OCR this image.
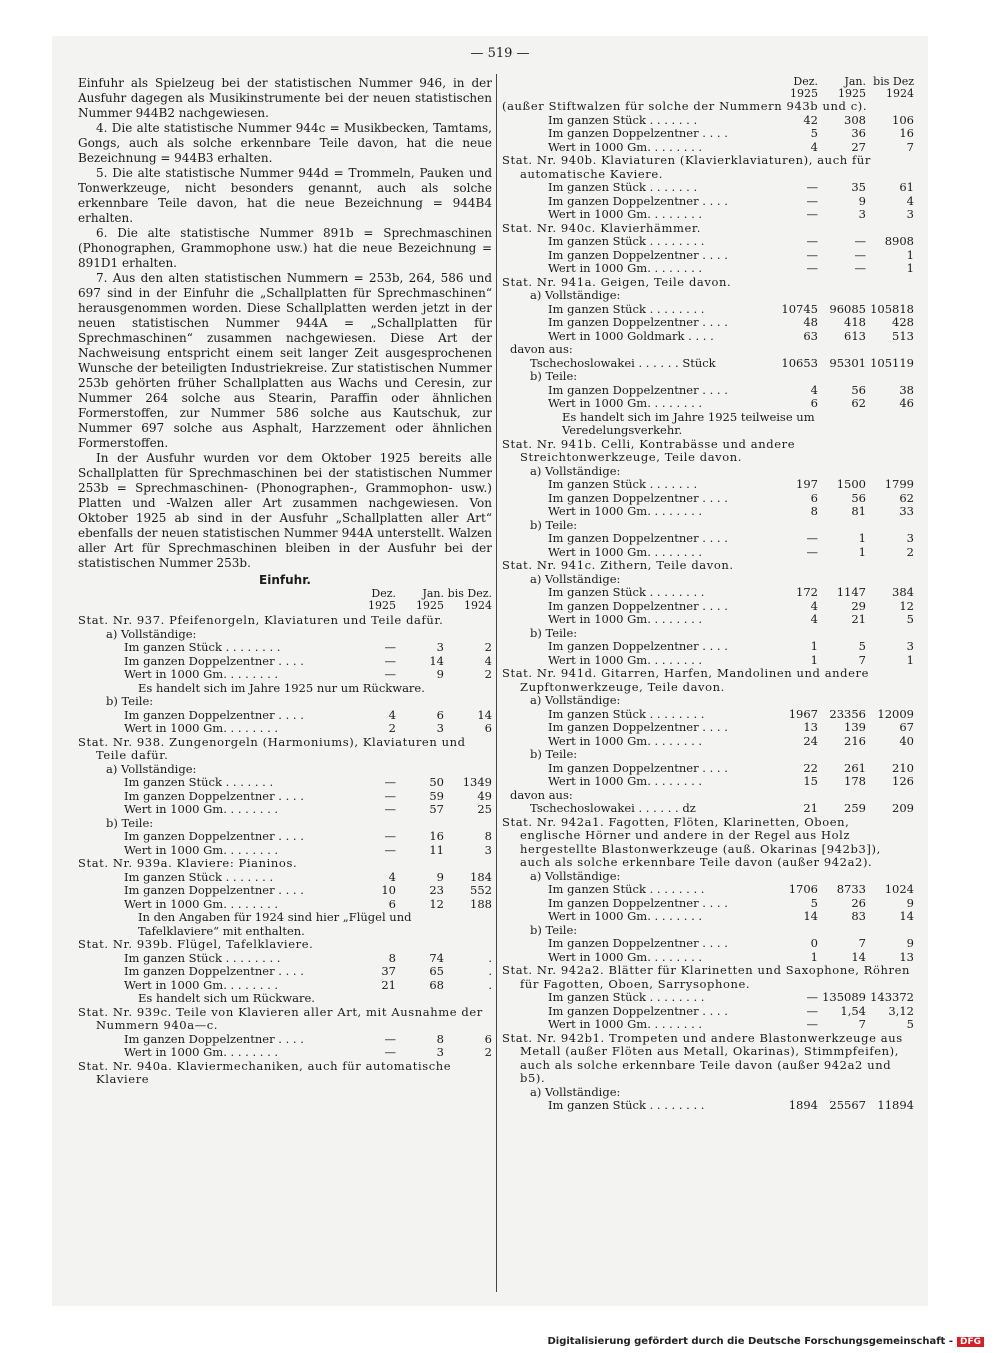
— 519 —

Einfuhr als Spielzeug bei der statistischen Nummer 946, in der Ausfuhr dagegen als Musikinstrumente bei der neuen statistischen Nummer 944B2 nachgewiesen.

4. Die alte statistische Nummer 944c = Musikbecken, Tamtams, Gongs, auch als solche erkennbare Teile davon, hat die neue Bezeichnung = 944B3 erhalten.

5. Die alte statistische Nummer 944d = Trommeln, Pauken und Tonwerkzeuge, nicht besonders genannt, auch als solche erkennbare Teile davon, hat die neue Bezeichnung = 944B4 erhalten.

6. Die alte statistische Nummer 891b = Sprechmaschinen (Phonographen, Grammophone usw.) hat die neue Bezeichnung = 891D1 erhalten.

7. Aus den alten statistischen Nummern = 253b, 264, 586 und 697 sind in der Einfuhr die „Schallplatten für Sprechmaschinen“ herausgenommen worden. Diese Schallplatten werden jetzt in der neuen statistischen Nummer 944A = „Schallplatten für Sprechmaschinen“ zusammen nachgewiesen. Diese Art der Nachweisung entspricht einem seit langer Zeit ausgesprochenen Wunsche der beteiligten Industriekreise. Zur statistischen Nummer 253b gehörten früher Schallplatten aus Wachs und Ceresin, zur Nummer 264 solche aus Stearin, Paraffin oder ähnlichen Formerstoffen, zur Nummer 586 solche aus Kautschuk, zur Nummer 697 solche aus Asphalt, Harzzement oder ähnlichen Formerstoffen.

In der Ausfuhr wurden vor dem Oktober 1925 bereits alle Schallplatten für Sprechmaschinen bei der statistischen Nummer 253b = Sprechmaschinen- (Phonographen-, Grammophon- usw.) Platten und -Walzen aller Art zusammen nachgewiesen. Von Oktober 1925 ab sind in der Ausfuhr „Schallplatten aller Art“ ebenfalls der neuen statistischen Nummer 944A unterstellt. Walzen aller Art für Sprechmaschinen bleiben in der Ausfuhr bei der statistischen Nummer 253b.

Einfuhr.
Dez.	Jan. bis Dez.
1925	1925	1924
Stat. Nr. 937. Pfeifenorgeln, Klaviaturen und Teile dafür.
a) Vollständige:
Im ganzen Stück . . . . . . . .	—	3	2
Im ganzen Doppelzentner . . . .	—	14	4
Wert in 1000 Gm. . . . . . . .	—	9	2
Es handelt sich im Jahre 1925 nur um Rückware.
b) Teile:
Im ganzen Doppelzentner . . . .	4	6	14
Wert in 1000 Gm. . . . . . . .	2	3	6
Stat. Nr. 938. Zungenorgeln (Harmoniums), Klaviaturen und Teile dafür.
a) Vollständige:
Im ganzen Stück . . . . . . .	—	50	1349
Im ganzen Doppelzentner . . . .	—	59	49
Wert in 1000 Gm. . . . . . . .	—	57	25
b) Teile:
Im ganzen Doppelzentner . . . .	—	16	8
Wert in 1000 Gm. . . . . . . .	—	11	3
Stat. Nr. 939a. Klaviere: Pianinos.
Im ganzen Stück . . . . . . .	4	9	184
Im ganzen Doppelzentner . . . .	10	23	552
Wert in 1000 Gm. . . . . . . .	6	12	188
In den Angaben für 1924 sind hier „Flügel und Tafelklaviere“ mit enthalten.
Stat. Nr. 939b. Flügel, Tafelklaviere.
Im ganzen Stück . . . . . . . .	8	74	.
Im ganzen Doppelzentner . . . .	37	65	.
Wert in 1000 Gm. . . . . . . .	21	68	.
Es handelt sich um Rückware.
Stat. Nr. 939c. Teile von Klavieren aller Art, mit Ausnahme der Nummern 940a—c.
Im ganzen Doppelzentner . . . .	—	8	6
Wert in 1000 Gm. . . . . . . .	—	3	2
Stat. Nr. 940a. Klaviermechaniken, auch für automatische Klaviere
Dez.	Jan. bis Dez
1925	1925	1924
(außer Stiftwalzen für solche der Nummern 943b und c).
Im ganzen Stück . . . . . . .	42	308	106
Im ganzen Doppelzentner . . . .	5	36	16
Wert in 1000 Gm. . . . . . . .	4	27	7
Stat. Nr. 940b. Klaviaturen (Klavierklaviaturen), auch für automatische Kaviere.
Im ganzen Stück . . . . . . .	—	35	61
Im ganzen Doppelzentner . . . .	—	9	4
Wert in 1000 Gm. . . . . . . .	—	3	3
Stat. Nr. 940c. Klavierhämmer.
Im ganzen Stück . . . . . . . .	—	—	8908
Im ganzen Doppelzentner . . . .	—	—	1
Wert in 1000 Gm. . . . . . . .	—	—	1
Stat. Nr. 941a. Geigen, Teile davon.
a) Vollständige:
Im ganzen Stück . . . . . . . .	10745 96085 105818
Im ganzen Doppelzentner . . . .	48	418	428
Wert in 1000 Goldmark . . . .	63	613	513
davon aus:
Tschechoslowakei . . . . . . Stück	10653 95301 105119
b) Teile:
Im ganzen Doppelzentner . . . .	4	56	38
Wert in 1000 Gm. . . . . . . .	6	62	46
Es handelt sich im Jahre 1925 teilweise um Veredelungsverkehr.
Stat. Nr. 941b. Celli, Kontrabässe und andere Streichtonwerkzeuge, Teile davon.
a) Vollständige:
Im ganzen Stück . . . . . . .	197	1500	1799
Im ganzen Doppelzentner . . . .	6	56	62
Wert in 1000 Gm. . . . . . . .	8	81	33
b) Teile:
Im ganzen Doppelzentner . . . .	—	1	3
Wert in 1000 Gm. . . . . . . .	—	1	2
Stat. Nr. 941c. Zithern, Teile davon.
a) Vollständige:
Im ganzen Stück . . . . . . . .	172	1147	384
Im ganzen Doppelzentner . . . .	4	29	12
Wert in 1000 Gm. . . . . . . .	4	21	5
b) Teile:
Im ganzen Doppelzentner . . . .	1	5	3
Wert in 1000 Gm. . . . . . . .	1	7	1
Stat. Nr. 941d. Gitarren, Harfen, Mandolinen und andere Zupftonwerkzeuge, Teile davon.
a) Vollständige:
Im ganzen Stück . . . . . . . .	1967 23356 12009
Im ganzen Doppelzentner . . . .	13	139	67
Wert in 1000 Gm. . . . . . . .	24	216	40
b) Teile:
Im ganzen Doppelzentner . . . .	22	261	210
Wert in 1000 Gm. . . . . . . .	15	178	126
davon aus:
Tschechoslowakei . . . . . . dz	21	259	209
Stat. Nr. 942a1. Fagotten, Flöten, Klarinetten, Oboen, englische Hörner und andere in der Regel aus Holz hergestellte Blastonwerkzeuge (auß. Okarinas [942b3]), auch als solche erkennbare Teile davon (außer 942a2).
a) Vollständige:
Im ganzen Stück . . . . . . . .	1706	8733	1024
Im ganzen Doppelzentner . . . .	5	26	9
Wert in 1000 Gm. . . . . . . .	14	83	14
b) Teile:
Im ganzen Doppelzentner . . . .	0	7	9
Wert in 1000 Gm. . . . . . . .	1	14	13
Stat. Nr. 942a2. Blätter für Klarinetten und Saxophone, Röhren für Fagotten, Oboen, Sarrysophone.
Im ganzen Stück . . . . . . . .	— 135089 143372
Im ganzen Doppelzentner . . . .	—	1,54	3,12
Wert in 1000 Gm. . . . . . . .	—	7	5
Stat. Nr. 942b1. Trompeten und andere Blastonwerkzeuge aus Metall (außer Flöten aus Metall, Okarinas), Stimmpfeifen), auch als solche erkennbare Teile davon (außer 942a2 und b5).
a) Vollständige:
Im ganzen Stück . . . . . . . .	1894 25567 11894
Digitalisierung gefördert durch die Deutsche Forschungsgemeinschaft - DFG
